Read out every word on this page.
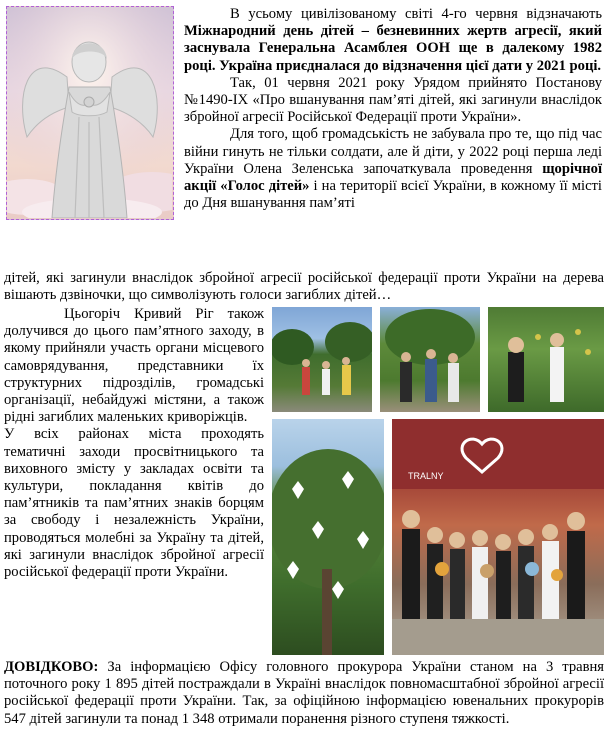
В усьому цивілізованому світі 4-го червня відзначають Міжнародний день дітей – безневинних жертв агресії, який заснувала Генеральна Асамблея ООН ще в далекому 1982 році. Україна приєдналася до відзначення цієї дати у 2021 році.

Так, 01 червня 2021 року Урядом прийнято Постанову №1490-ІХ «Про вшанування пам’яті дітей, які загинули внаслідок збройної агресії Російської Федерації проти України».

Для того, щоб громадськість не забувала про те, що під час війни гинуть не тільки солдати, але й діти, у 2022 році перша леді України Олена Зеленська започаткувала проведення щорічної акції «Голос дітей» і на території всієї України, в кожному її місті до Дня вшанування пам’яті

дітей, які загинули внаслідок збройної агресії російської федерації проти України на дерева вішають дзвіночки, що символізують голоси загиблих дітей…

Цьогоріч Кривий Ріг також долучився до цього пам’ятного заходу, в якому прийняли участь органи місцевого самоврядування, представники їх структурних підрозділів, громадські організації, небайдужі містяни, а також рідні загиблих маленьких криворіжців.

У всіх районах міста проходять тематичні заходи просвітницького та виховного змісту у закладах освіти та культури, покладання квітів до пам’ятників та пам’ятних знаків борцям за свободу і незалежність України, проводяться молебні за Україну та дітей, які загинули внаслідок збройної агресії російської федерації проти України.

TRALNY
ДОВІДКОВО: За інформацією Офісу головного прокурора України станом на 3 травня поточного року 1 895 дітей постраждали в Україні внаслідок повномасштабної збройної агресії російської федерації проти України. Так, за офіційною інформацією ювенальних прокурорів 547 дітей загинули та понад 1 348 отримали поранення різного ступеня тяжкості.
